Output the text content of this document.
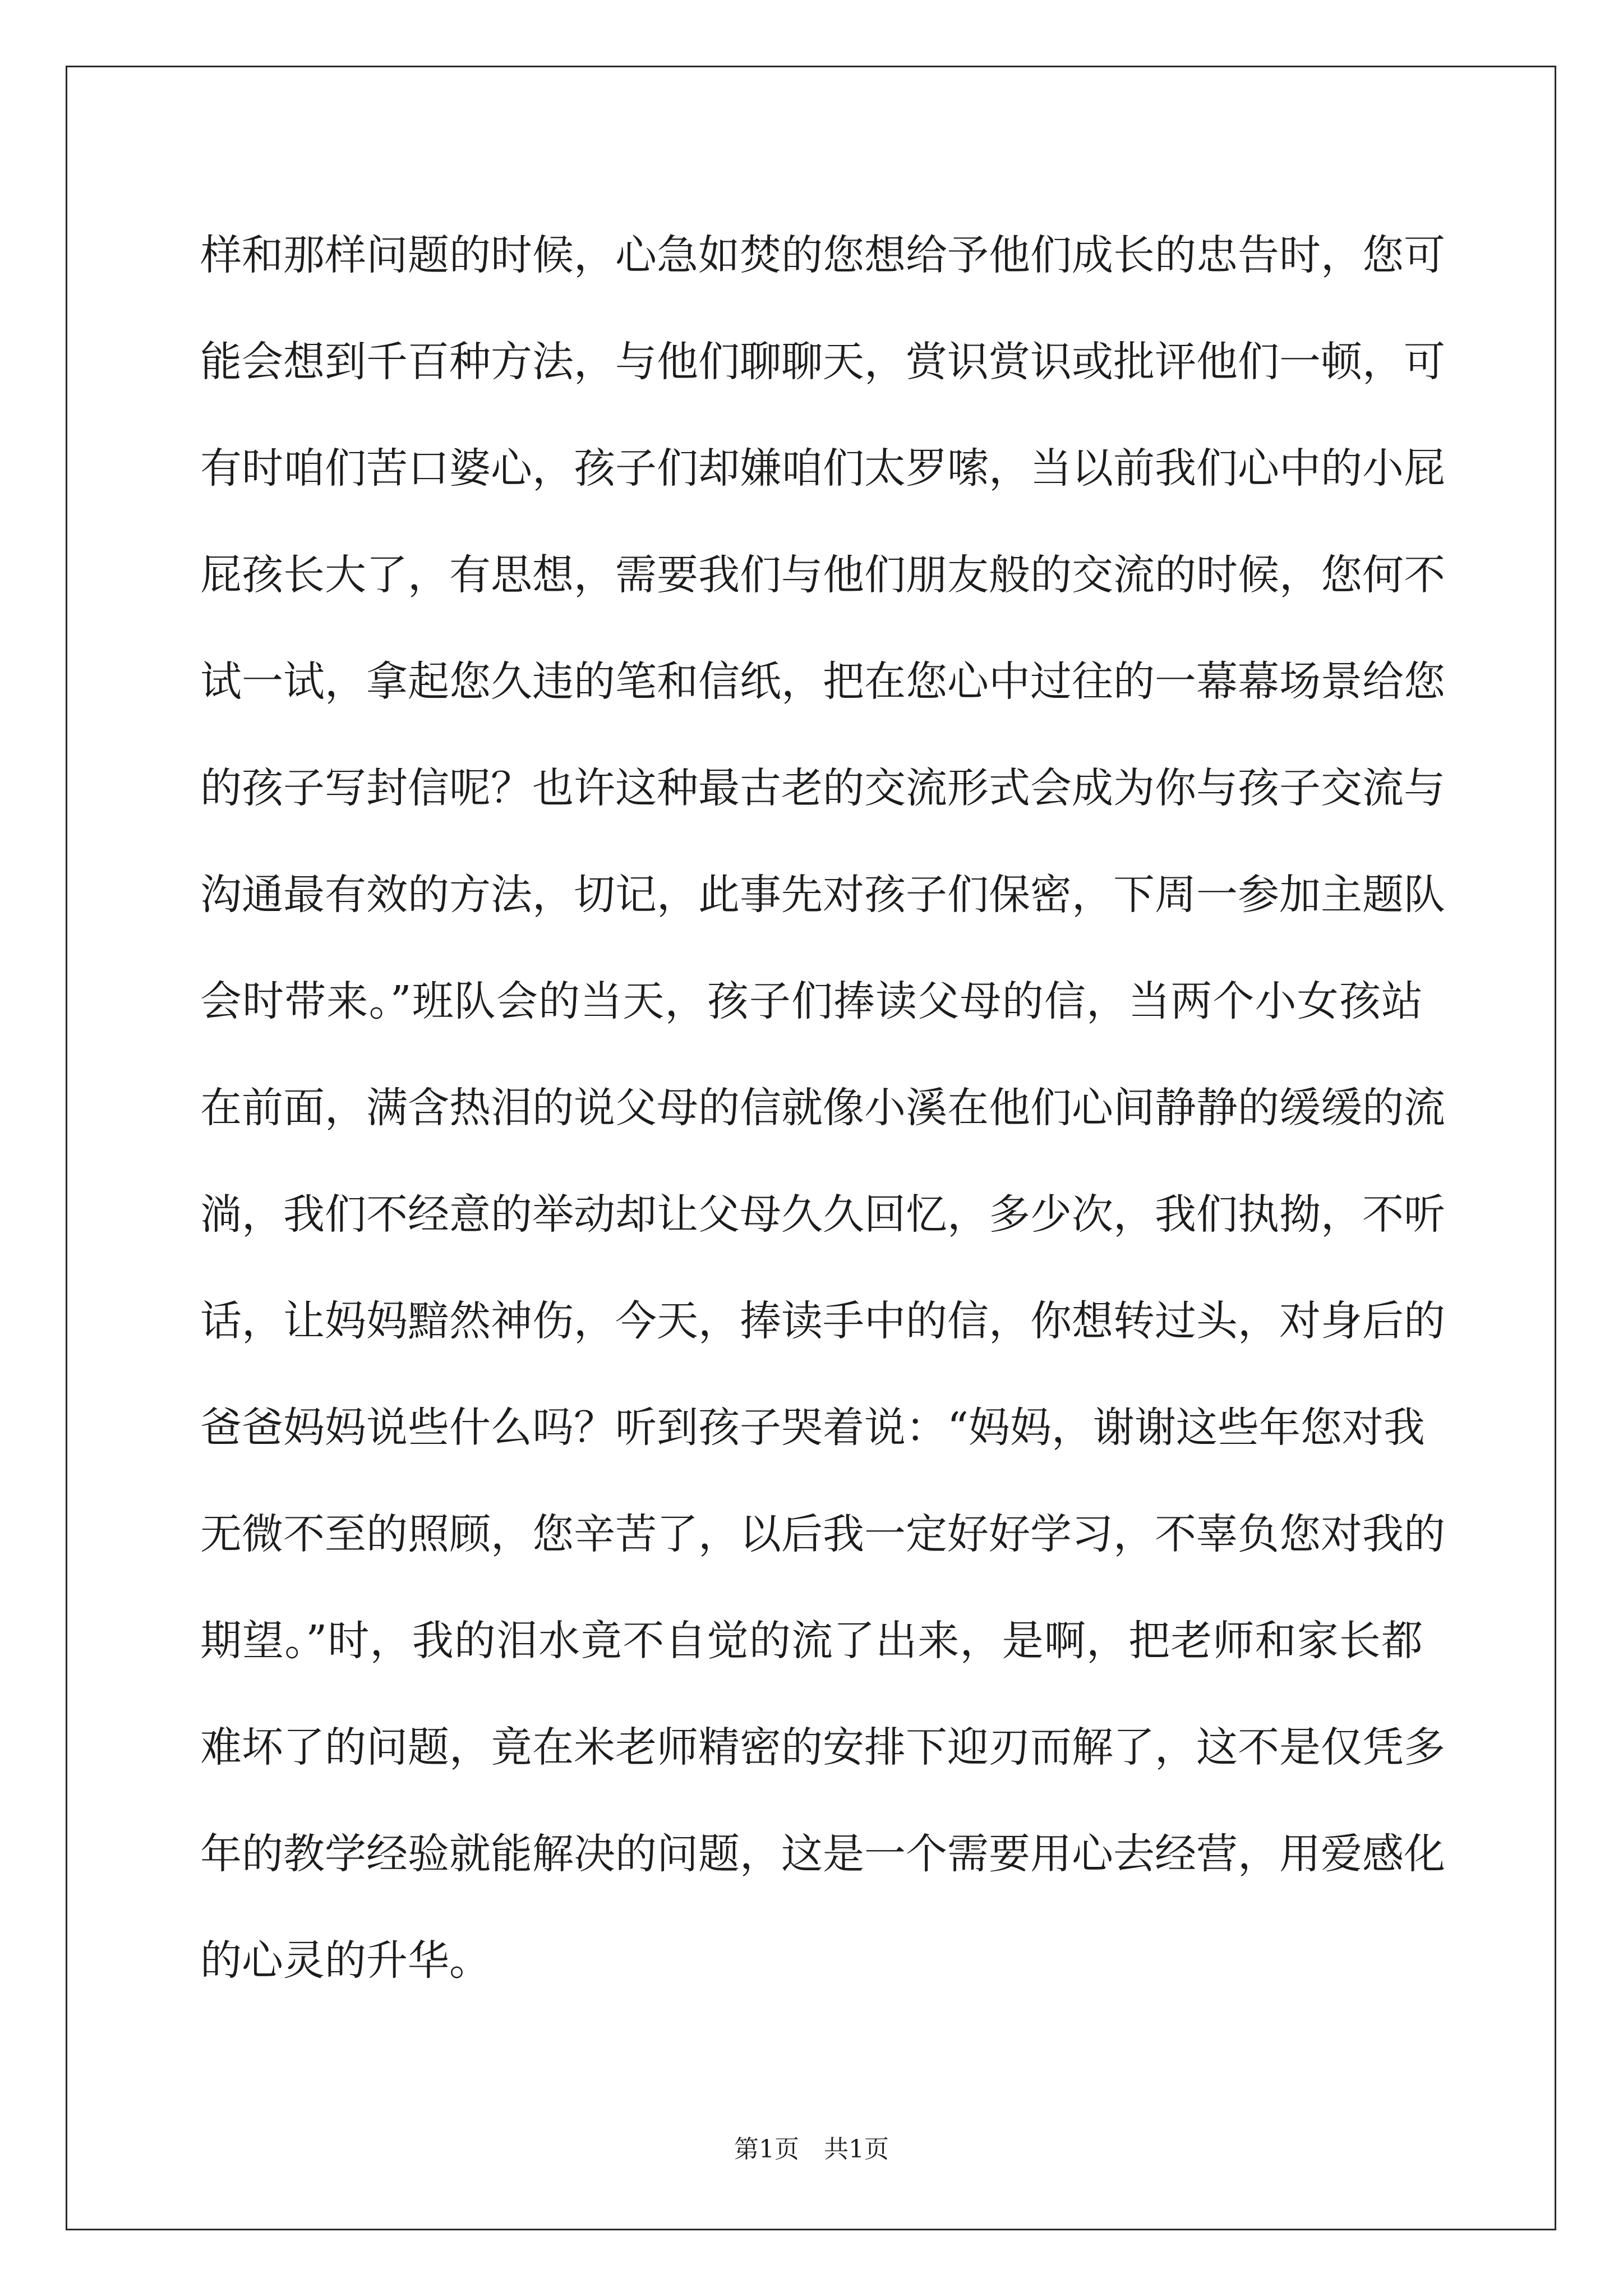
样和那样问题的时候，心急如焚的您想给予他们成长的忠告时，您可
能会想到千百种方法，与他们聊聊天，赏识赏识或批评他们一顿，可
有时咱们苦口婆心，孩子们却嫌咱们太罗嗦，当以前我们心中的小屁
屁孩长大了，有思想，需要我们与他们朋友般的交流的时候，您何不
试一试，拿起您久违的笔和信纸，把在您心中过往的一幕幕场景给您
的孩子写封信呢？也许这种最古老的交流形式会成为你与孩子交流与
沟通最有效的方法，切记，此事先对孩子们保密，下周一参加主题队
会时带来。”班队会的当天，孩子们捧读父母的信，当两个小女孩站
在前面，满含热泪的说父母的信就像小溪在他们心间静静的缓缓的流
淌，我们不经意的举动却让父母久久回忆，多少次，我们执拗，不听
话，让妈妈黯然神伤，今天，捧读手中的信，你想转过头，对身后的
爸爸妈妈说些什么吗？听到孩子哭着说：“妈妈，谢谢这些年您对我
无微不至的照顾，您辛苦了，以后我一定好好学习，不辜负您对我的
期望。”时，我的泪水竟不自觉的流了出来，是啊，把老师和家长都
难坏了的问题，竟在米老师精密的安排下迎刃而解了，这不是仅凭多
年的教学经验就能解决的问题，这是一个需要用心去经营，用爱感化
的心灵的升华。
第1页　共1页
